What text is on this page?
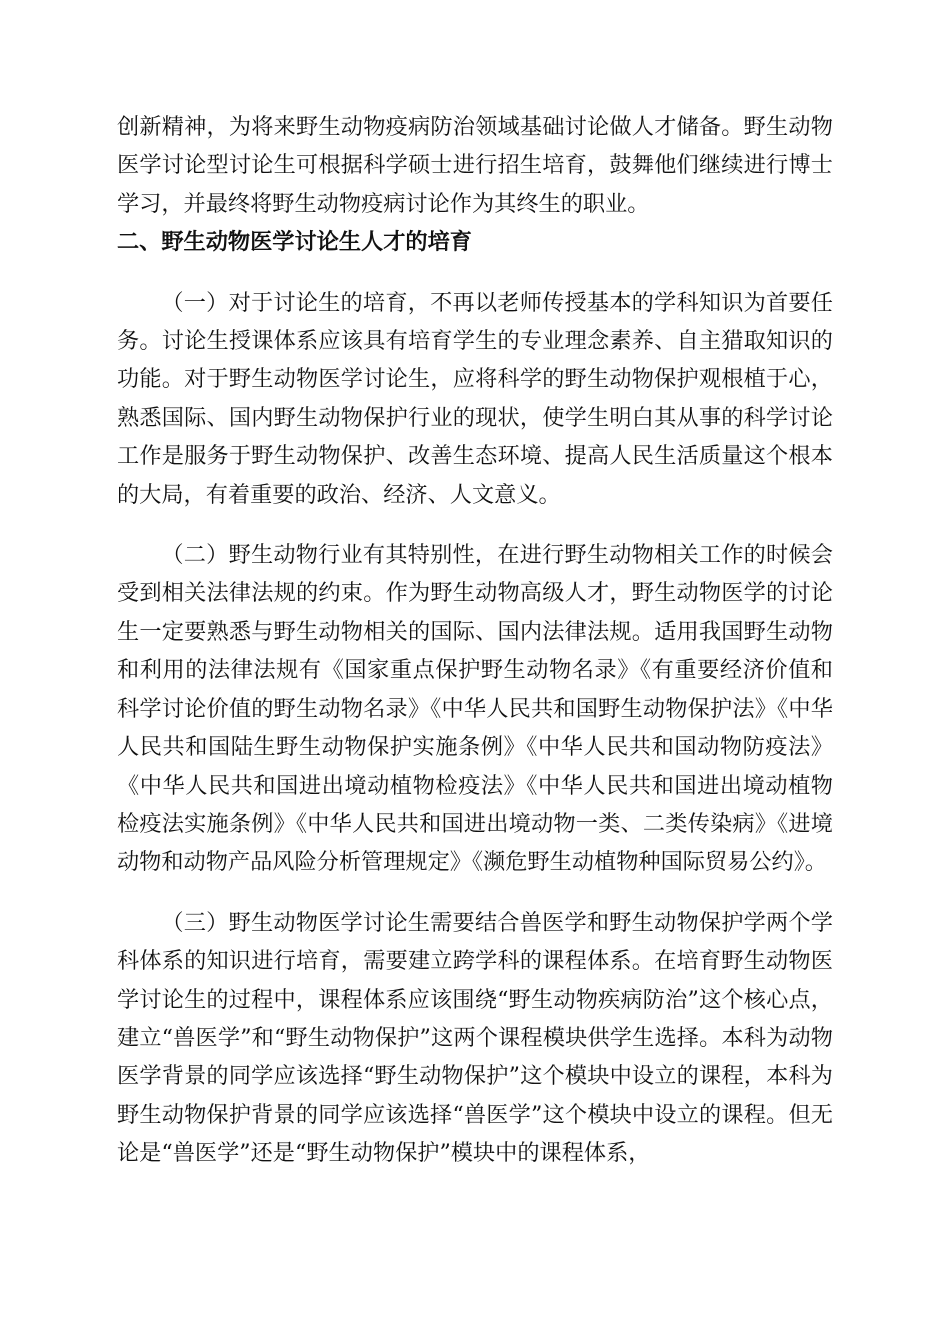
创新精神，为将来野生动物疫病防治领域基础讨论做人才储备。野生动物医学讨论型讨论生可根据科学硕士进行招生培育，鼓舞他们继续进行博士学习，并最终将野生动物疫病讨论作为其终生的职业。

二、野生动物医学讨论生人才的培育

（一）对于讨论生的培育，不再以老师传授基本的学科知识为首要任务。讨论生授课体系应该具有培育学生的专业理念素养、自主猎取知识的功能。对于野生动物医学讨论生，应将科学的野生动物保护观根植于心，熟悉国际、国内野生动物保护行业的现状，使学生明白其从事的科学讨论工作是服务于野生动物保护、改善生态环境、提高人民生活质量这个根本的大局，有着重要的政治、经济、人文意义。

（二）野生动物行业有其特别性，在进行野生动物相关工作的时候会受到相关法律法规的约束。作为野生动物高级人才，野生动物医学的讨论生一定要熟悉与野生动物相关的国际、国内法律法规。适用我国野生动物和利用的法律法规有《国家重点保护野生动物名录》《有重要经济价值和科学讨论价值的野生动物名录》《中华人民共和国野生动物保护法》《中华人民共和国陆生野生动物保护实施条例》《中华人民共和国动物防疫法》《中华人民共和国进出境动植物检疫法》《中华人民共和国进出境动植物检疫法实施条例》《中华人民共和国进出境动物一类、二类传染病》《进境动物和动物产品风险分析管理规定》《濒危野生动植物种国际贸易公约》。

（三）野生动物医学讨论生需要结合兽医学和野生动物保护学两个学科体系的知识进行培育，需要建立跨学科的课程体系。在培育野生动物医学讨论生的过程中，课程体系应该围绕“野生动物疾病防治”这个核心点，建立“兽医学”和“野生动物保护”这两个课程模块供学生选择。本科为动物医学背景的同学应该选择“野生动物保护”这个模块中设立的课程，本科为野生动物保护背景的同学应该选择“兽医学”这个模块中设立的课程。但无论是“兽医学”还是“野生动物保护”模块中的课程体系，
